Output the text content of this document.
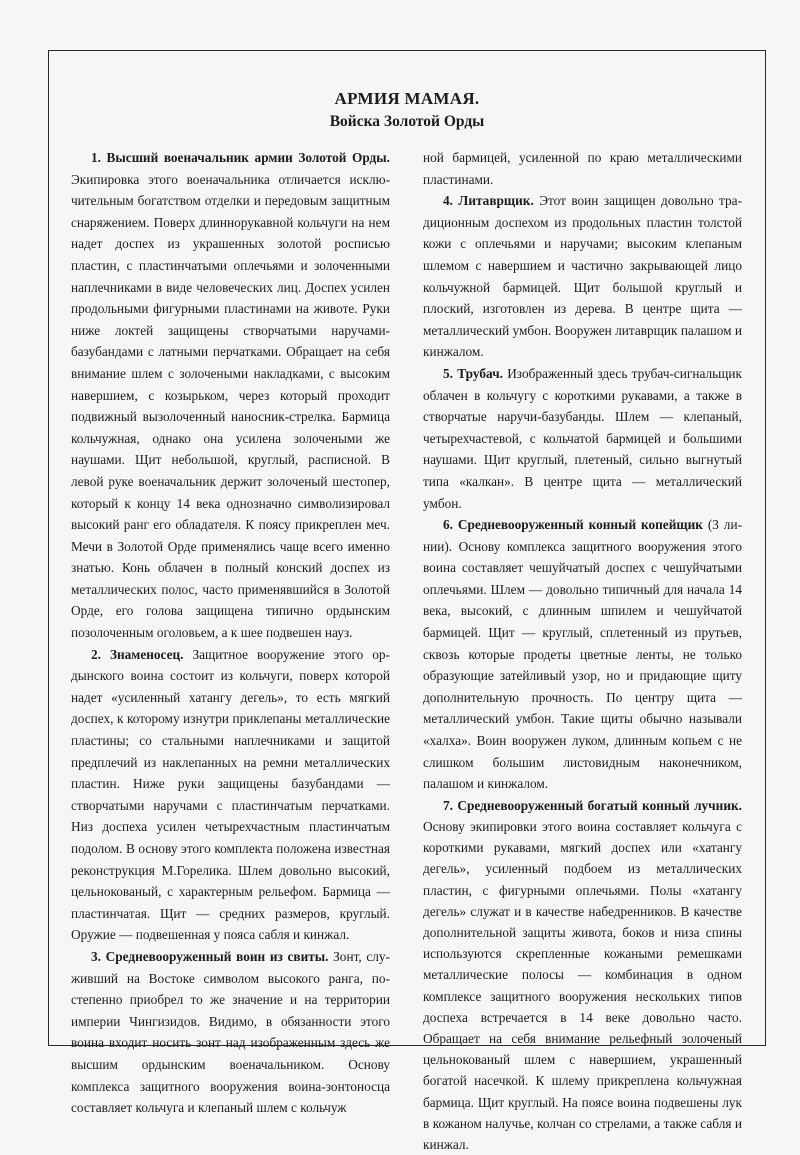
АРМИЯ МАМАЯ.
Войска Золотой Орды

1. Высший военачальник армии Золотой Орды. Экипировка этого военачальника отличается исключительным богатством отделки и передовым защитным снаряжением. Поверх длиннорукавной кольчуги на нем надет доспех из украшенных золотой росписью пластин, с пластинчатыми оплечьями и золоченными наплечниками в виде человеческих лиц. Доспех усилен продольными фигурными пластинами на животе. Руки ниже локтей защищены створчатыми наручами-базубандами с латными перчатками. Обращает на себя внимание шлем с золочеными накладками, с высоким навершием, с козырьком, через который проходит подвижный вызолоченный наносник-стрелка. Бармица кольчужная, однако она усилена золочеными же наушами. Щит небольшой, круглый, расписной. В левой руке военачальник держит золоченый шестопер, который к концу 14 века однозначно символизировал высокий ранг его обладателя. К поясу прикреплен меч. Мечи в Золотой Орде применялись чаще всего именно знатью. Конь облачен в полный конский доспех из металлических полос, часто применявшийся в Золотой Орде, его голова защищена типично ордынским позолоченным оголовьем, а к шее подвешен науз.

2. Знаменосец. Защитное вооружение этого ордынского воина состоит из кольчуги, поверх которой надет «усиленный хатангу дегель», то есть мягкий доспех, к которому изнутри приклепаны металлические пластины; со стальными наплечниками и защитой предплечий из наклепанных на ремни металлических пластин. Ниже руки защищены базубандами — створчатыми наручами с пластинчатым перчатками. Низ доспеха усилен четырехчастным пластинчатым подолом. В основу этого комплекта положена известная реконструкция М.Горелика. Шлем довольно высокий, цельнокованый, с характерным рельефом. Бармица — пластинчатая. Щит — средних размеров, круглый. Оружие — подвешенная у пояса сабля и кинжал.

3. Средневооруженный воин из свиты. Зонт, служивший на Востоке символом высокого ранга, постепенно приобрел то же значение и на территории империи Чингизидов. Видимо, в обязанности этого воина входит носить зонт над изображенным здесь же высшим ордынским военачальником. Основу комплекса защитного вооружения воина-зонтоносца составляет кольчуга и клепаный шлем с кольчуж

ной бармицей, усиленной по краю металлическими пластинами.

4. Литаврщик. Этот воин защищен довольно традиционным доспехом из продольных пластин толстой кожи с оплечьями и наручами; высоким клепаным шлемом с навершием и частично закрывающей лицо кольчужной бармицей. Щит большой круглый и плоский, изготовлен из дерева. В центре щита — металлический умбон. Вооружен литаврщик палашом и кинжалом.

5. Трубач. Изображенный здесь трубач-сигнальщик облачен в кольчугу с короткими рукавами, а также в створчатые наручи-базубанды. Шлем — клепаный, четырехчастевой, с кольчатой бармицей и большими наушами. Щит круглый, плетеный, сильно выгнутый типа «калкан». В центре щита — металлический умбон.

6. Средневооруженный конный копейщик (3 линии). Основу комплекса защитного вооружения этого воина составляет чешуйчатый доспех с чешуйчатыми оплечьями. Шлем — довольно типичный для начала 14 века, высокий, с длинным шпилем и чешуйчатой бармицей. Щит — круглый, сплетенный из прутьев, сквозь которые продеты цветные ленты, не только образующие затейливый узор, но и придающие щиту дополнительную прочность. По центру щита — металлический умбон. Такие щиты обычно называли «халха». Воин вооружен луком, длинным копьем с не слишком большим листовидным наконечником, палашом и кинжалом.

7. Средневооруженный богатый конный лучник. Основу экипировки этого воина составляет кольчуга с короткими рукавами, мягкий доспех или «хатангу дегель», усиленный подбоем из металлических пластин, с фигурными оплечьями. Полы «хатангу дегель» служат и в качестве набедренников. В качестве дополнительной защиты живота, боков и низа спины используются скрепленные кожаными ремешками металлические полосы — комбинация в одном комплексе защитного вооружения нескольких типов доспеха встречается в 14 веке довольно часто. Обращает на себя внимание рельефный золоченый цельнокованый шлем с навершием, украшенный богатой насечкой. К шлему прикреплена кольчужная бармица. Щит круглый. На поясе воина подвешены лук в кожаном налучье, колчан со стрелами, а также сабля и кинжал.
